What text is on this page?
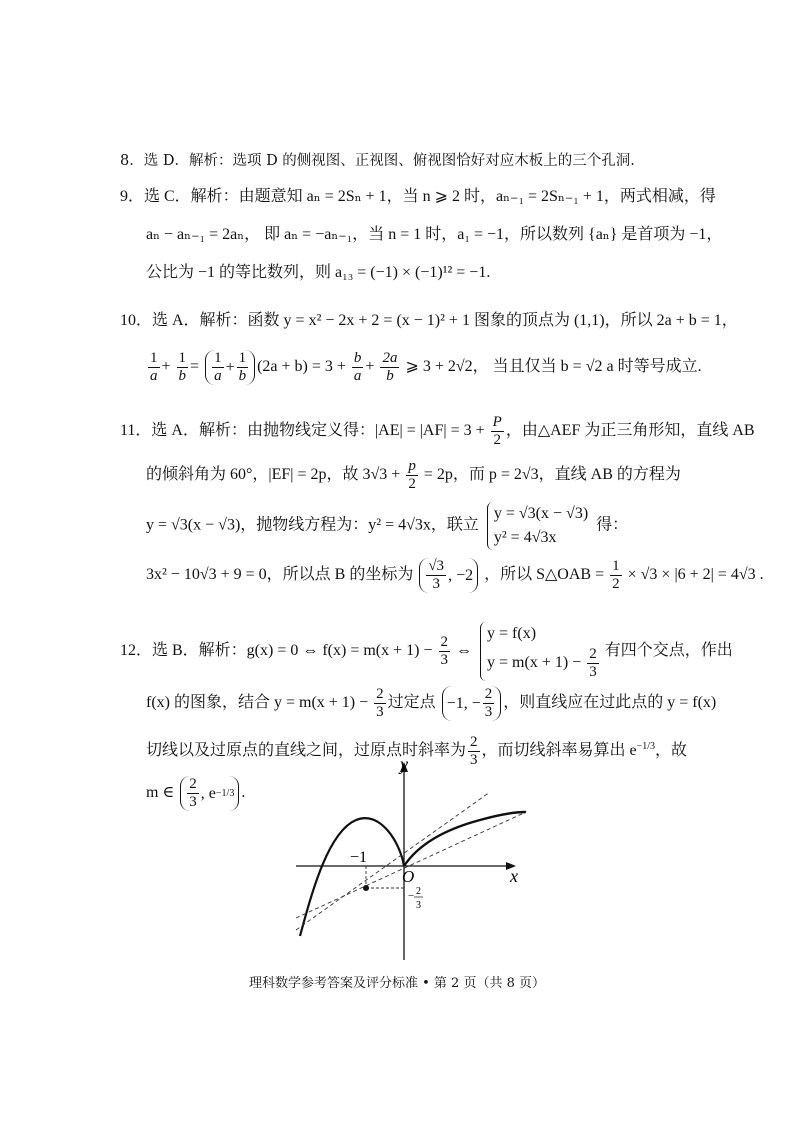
8．选 D．解析：选项 D 的侧视图、正视图、俯视图恰好对应木板上的三个孔洞.
9．选 C．解析：由题意知 aₙ = 2Sₙ + 1，当 n ⩾ 2 时，aₙ₋₁ = 2Sₙ₋₁ + 1，两式相减，得
aₙ − aₙ₋₁ = 2aₙ， 即 aₙ = −aₙ₋₁，当 n = 1 时，a₁ = −1，所以数列 {aₙ} 是首项为 −1，
公比为 −1 的等比数列，则 a₁₃ = (−1) × (−1)¹² = −1.
10．选 A．解析：函数 y = x² − 2x + 2 = (x − 1)² + 1 图象的顶点为 (1,1)，所以 2a + b = 1，
$\frac{1}{a} + \frac{1}{b} = \frac{1}{a} + \frac{1}{b} (2a + b) = 3 + \frac{b}{a} + \frac{2a}{b}$ ⩾ 3 + 2√2， 当且仅当 b = √2 a 时等号成立.
11．选 A．解析：由抛物线定义得：$|AE| = |AF| = 3 + \frac{P}{2}$ ，由△AEF 为正三角形知，直线 AB
的倾斜角为 60°，|EF| = 2p，故 $3√3 + \frac{p}{2} = 2p$，而 p = 2√3，直线 AB 的方程为
y = √3(x − √3)，抛物线方程为：y² = 4√3x，联立
y = √3(x − √3)
y² = 4√3x
得：
3x² − 10√3 + 9 = 0，所以点 B 的坐标为 $\frac{√3}{3}$ , −2 ，所以 S△OAB = $\frac{1}{2} \times √3 \times |6 + 2| = 4√3$ .
12．选 B．解析：g(x) = 0 ⇔ $f(x) = m(x + 1) - \frac{2}{3}$ ⇔
y = f(x)
$y = m(x + 1) - \frac{2}{3}$ 有四个交点，作出
f(x) 的图象，结合 $y = m(x + 1) - \frac{2}{3}$ 过定点 −1, − $\frac{2}{3}$ ，则直线应在过此点的 y = f(x)
切线以及过原点的直线之间，过原点时斜率为 $\frac{2}{3}$ ，而切线斜率易算出 $e^{-1/3}$，故
m ∈ $\frac{2}{3}$ , e −1/3 .
y
x
O
−1
− 2
3
理科数学参考答案及评分标准 • 第 2 页（共 8 页）
